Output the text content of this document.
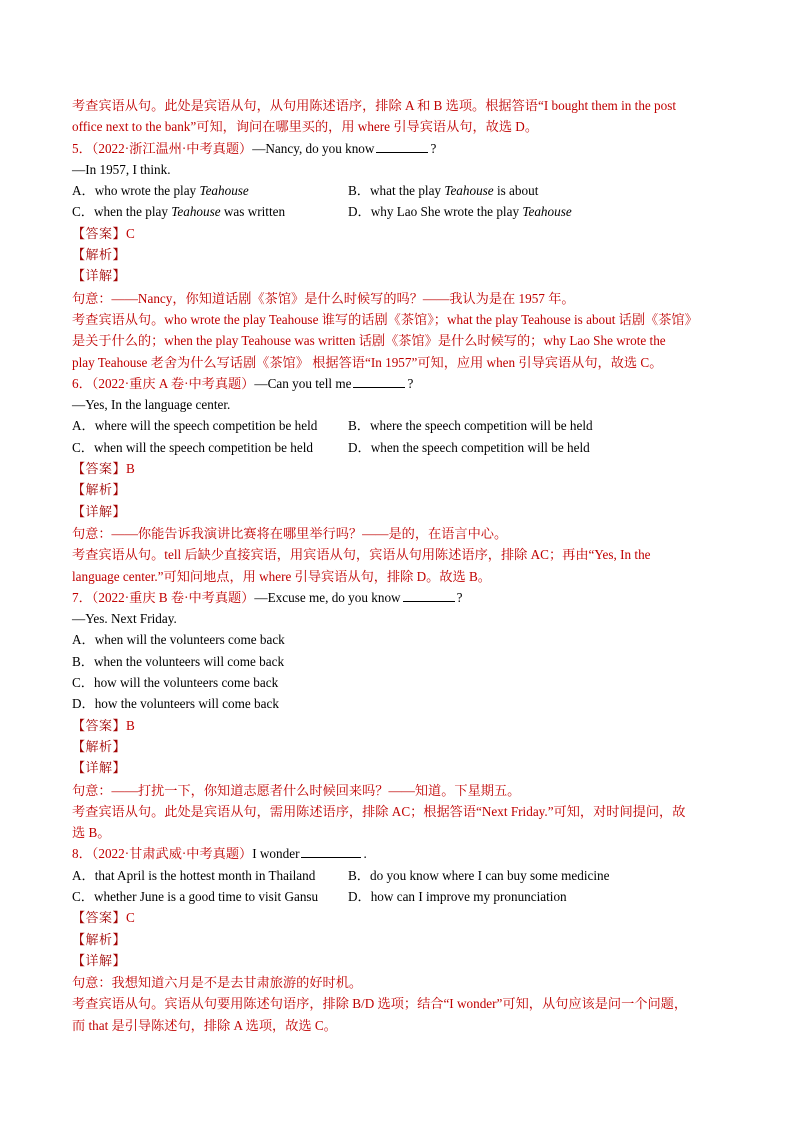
考查宾语从句。此处是宾语从句，从句用陈述语序，排除 A 和 B 选项。根据答语“I bought them in the post
office next to the bank”可知，询问在哪里买的，用 where 引导宾语从句，故选 D。
5．（2022·浙江温州·中考真题）—Nancy, do you know	?
—In 1957, I think.
A．who wrote the play Teahouse	B．what the play Teahouse is about
C．when the play Teahouse was written	D．why Lao She wrote the play Teahouse
【答案】C
【解析】
【详解】
句意：——Nancy，你知道话剧《茶馆》是什么时候写的吗？——我认为是在 1957 年。
考查宾语从句。who wrote the play Teahouse 谁写的话剧《茶馆》；what the play Teahouse is about 话剧《茶馆》
是关于什么的；when the play Teahouse was written 话剧《茶馆》是什么时候写的；why Lao She wrote the
play Teahouse 老舍为什么写话剧《茶馆》 根据答语“In 1957”可知，应用 when 引导宾语从句，故选 C。
6．（2022·重庆 A 卷·中考真题）—Can you tell me	?
—Yes, In the language center.
A．where will the speech competition be held	B．where the speech competition will be held
C．when will the speech competition be held	D．when the speech competition will be held
【答案】B
【解析】
【详解】
句意：——你能告诉我演讲比赛将在哪里举行吗？——是的，在语言中心。
考查宾语从句。tell 后缺少直接宾语，用宾语从句，宾语从句用陈述语序，排除 AC；再由“Yes, In the
language center.”可知问地点，用 where 引导宾语从句，排除 D。故选 B。
7．（2022·重庆 B 卷·中考真题）—Excuse me, do you know	?
—Yes. Next Friday.
A．when will the volunteers come back
B．when the volunteers will come back
C．how will the volunteers come back
D．how the volunteers will come back
【答案】B
【解析】
【详解】
句意：——打扰一下，你知道志愿者什么时候回来吗？——知道。下星期五。
考查宾语从句。此处是宾语从句，需用陈述语序，排除 AC；根据答语“Next Friday.”可知，对时间提问，故
选 B。
8．（2022·甘肃武威·中考真题）I wonder	.
A．that April is the hottest month in Thailand	B．do you know where I can buy some medicine
C．whether June is a good time to visit Gansu	D．how can I improve my pronunciation
【答案】C
【解析】
【详解】
句意：我想知道六月是不是去甘肃旅游的好时机。
考查宾语从句。宾语从句要用陈述句语序，排除 B/D 选项；结合“I wonder”可知，从句应该是问一个问题，
而 that 是引导陈述句，排除 A 选项，故选 C。
